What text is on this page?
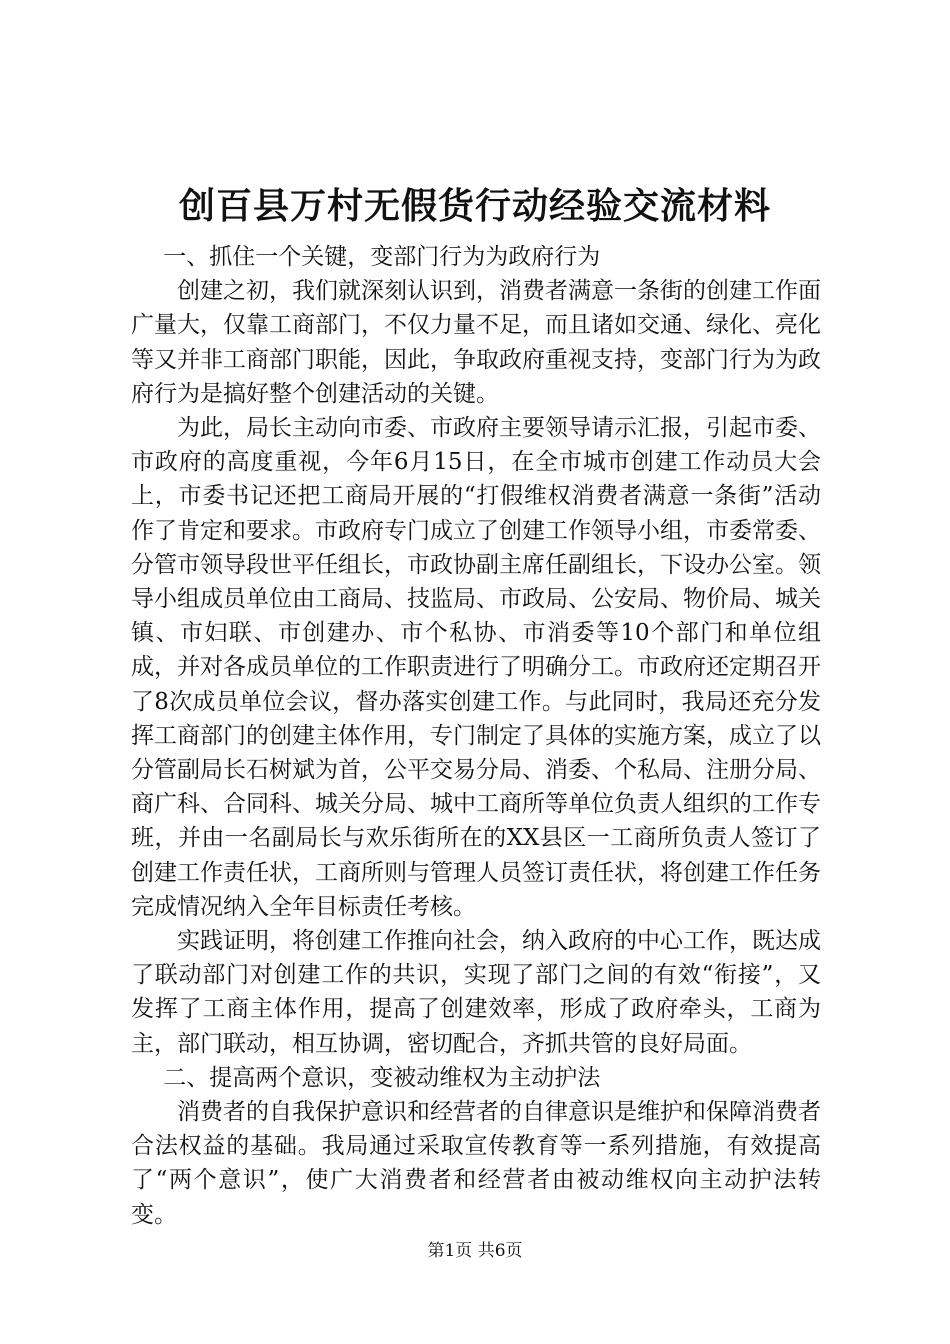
创百县万村无假货行动经验交流材料

一、抓住一个关键，变部门行为为政府行为

创建之初，我们就深刻认识到，消费者满意一条街的创建工作面广量大，仅靠工商部门，不仅力量不足，而且诸如交通、绿化、亮化等又并非工商部门职能，因此，争取政府重视支持，变部门行为为政府行为是搞好整个创建活动的关键。

为此，局长主动向市委、市政府主要领导请示汇报，引起市委、市政府的高度重视，今年6月15日，在全市城市创建工作动员大会上，市委书记还把工商局开展的“打假维权消费者满意一条街”活动作了肯定和要求。市政府专门成立了创建工作领导小组，市委常委、分管市领导段世平任组长，市政协副主席任副组长，下设办公室。领导小组成员单位由工商局、技监局、市政局、公安局、物价局、城关镇、市妇联、市创建办、市个私协、市消委等10个部门和单位组成，并对各成员单位的工作职责进行了明确分工。市政府还定期召开了8次成员单位会议，督办落实创建工作。与此同时，我局还充分发挥工商部门的创建主体作用，专门制定了具体的实施方案，成立了以分管副局长石树斌为首，公平交易分局、消委、个私局、注册分局、商广科、合同科、城关分局、城中工商所等单位负责人组织的工作专班，并由一名副局长与欢乐街所在的XX县区一工商所负责人签订了创建工作责任状，工商所则与管理人员签订责任状，将创建工作任务完成情况纳入全年目标责任考核。

实践证明，将创建工作推向社会，纳入政府的中心工作，既达成了联动部门对创建工作的共识，实现了部门之间的有效“衔接”，又发挥了工商主体作用，提高了创建效率，形成了政府牵头，工商为主，部门联动，相互协调，密切配合，齐抓共管的良好局面。

二、提高两个意识，变被动维权为主动护法

消费者的自我保护意识和经营者的自律意识是维护和保障消费者合法权益的基础。我局通过采取宣传教育等一系列措施，有效提高了“两个意识”，使广大消费者和经营者由被动维权向主动护法转变。

第1页 共6页
